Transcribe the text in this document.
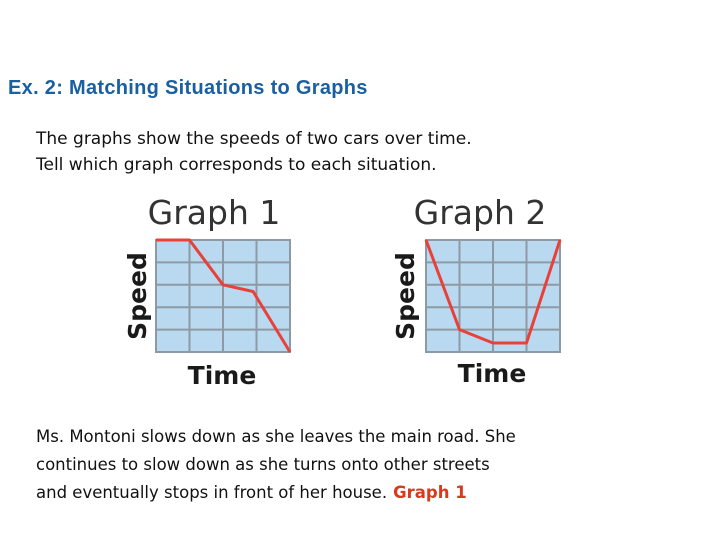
Ex. 2: Matching Situations to Graphs
The graphs show the speeds of two cars over time.
Tell which graph corresponds to each situation.
Graph 1
Speed
Time
Graph 2
Speed
Time
Ms. Montoni slows down as she leaves the main road. She
continues to slow down as she turns onto other streets
and eventually stops in front of her house. Graph 1
